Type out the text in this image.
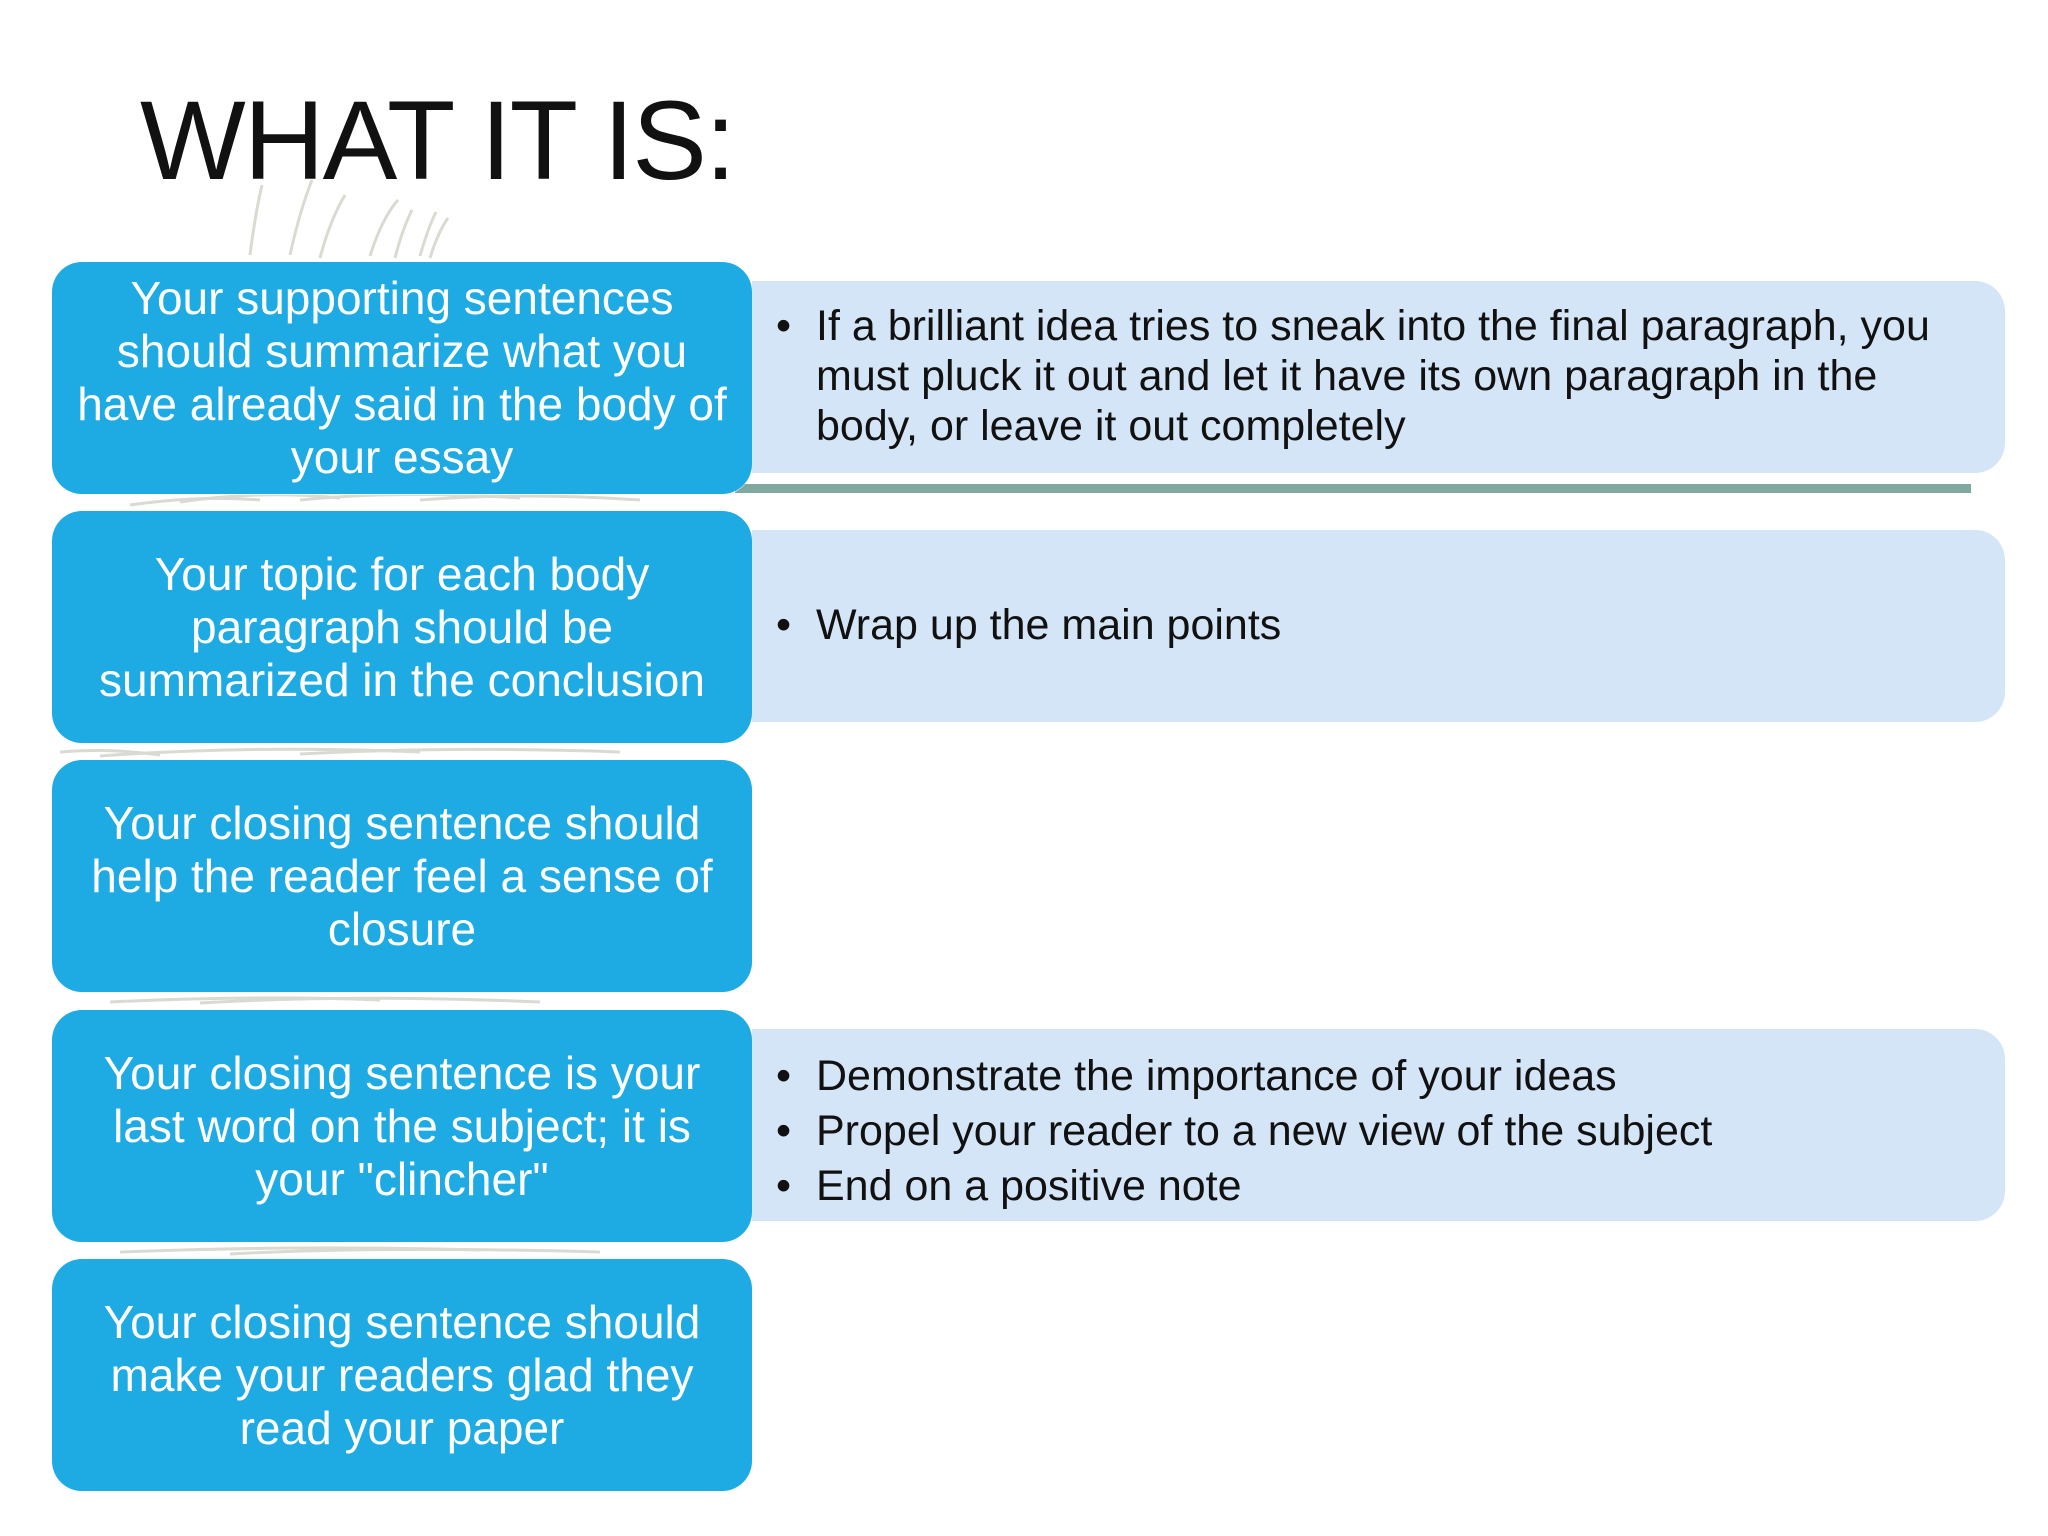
WHAT IT IS:
Your supporting sentences should summarize what you have already said in the body of your essay
Your topic for each body paragraph should be summarized in the conclusion
Your closing sentence should help the reader feel a sense of closure
Your closing sentence is your last word on the subject; it is your "clincher"
Your closing sentence should make your readers glad they read your paper
• If a brilliant idea tries to sneak into the final paragraph, you must pluck it out and let it have its own paragraph in the body, or leave it out completely
• Wrap up the main points
• Demonstrate the importance of your ideas
• Propel your reader to a new view of the subject
• End on a positive note
